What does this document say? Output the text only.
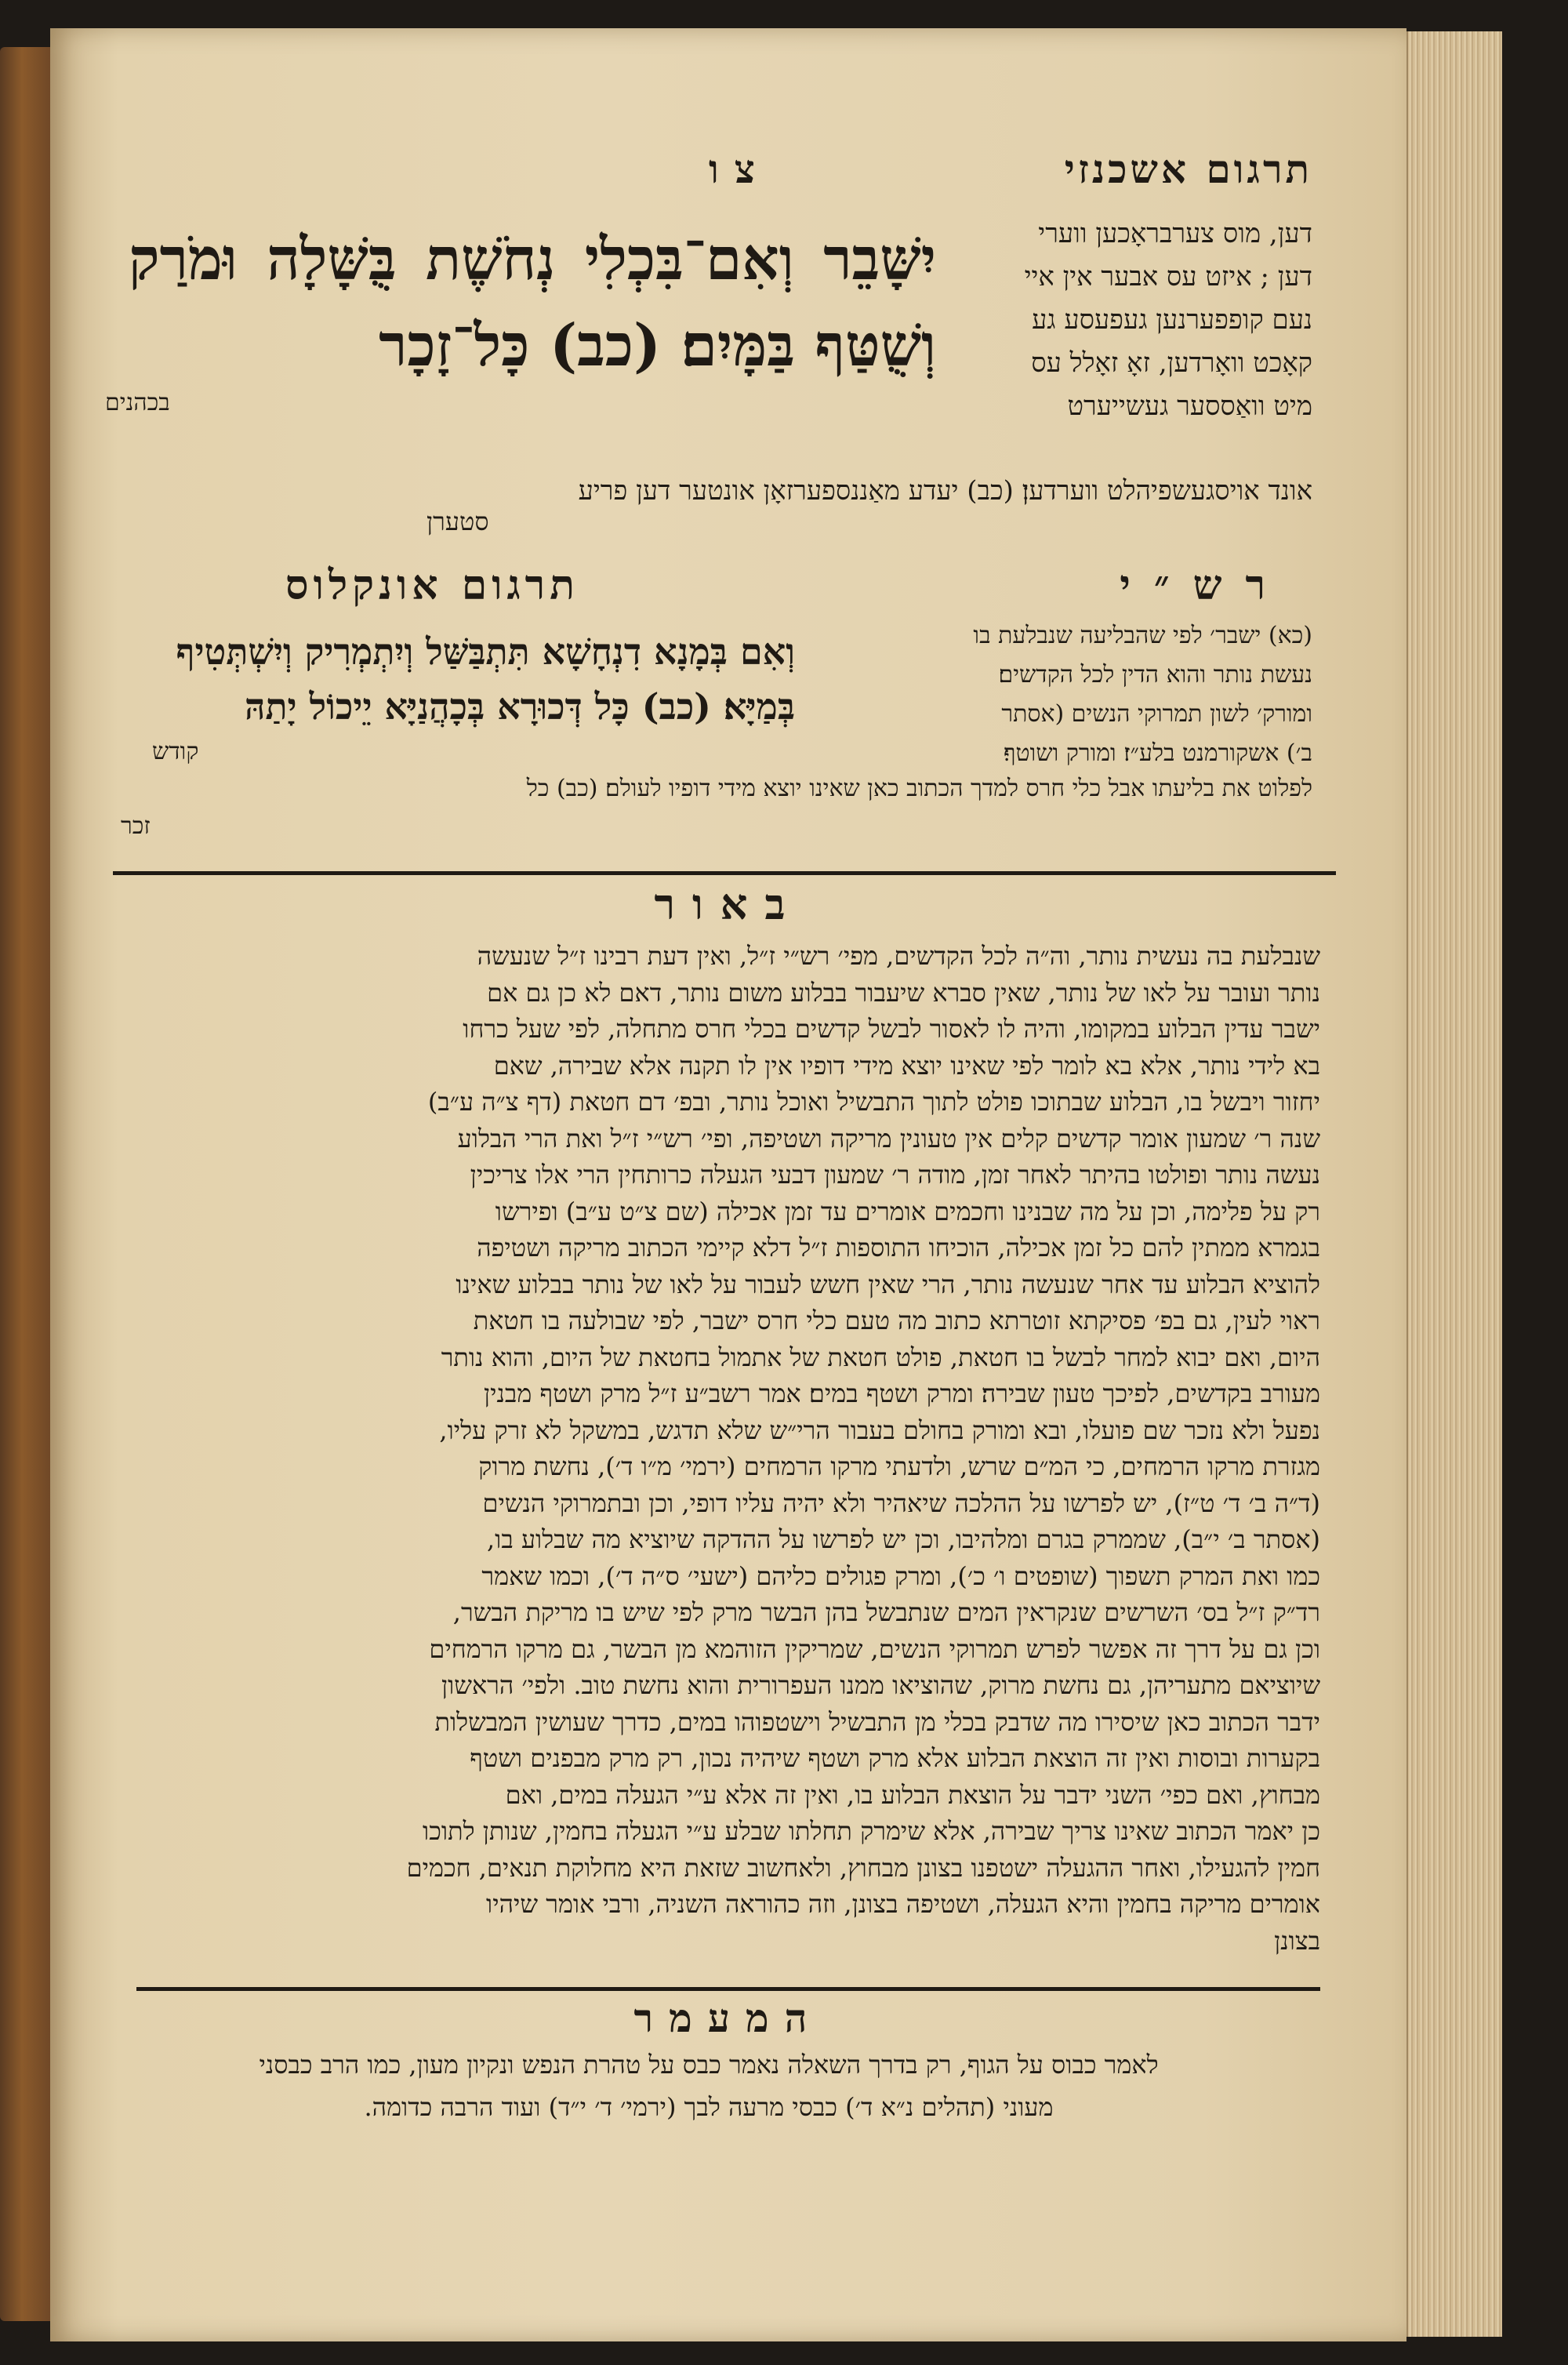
תרגום אשכנזי
צו
דען, מוס צערבראָכען ווערי
דען ; איזט עס אבער אין איי
נעם קופפערנען געפעסע גע
קאָכט וואָרדען, זאָ זאָלל עס
מיט וואַססער געשייערט
יִשָּׁבֵר וְאִם־בִּכְלִי נְחֹשֶׁת בֻּשָּׁלָה וּמֹרַק וְשֻׁטַּף בַּמָּיִם׃ (כב) כָּל־זָכָר
בכהנים
אונד אויסגעשפיהלט ווערדען׃ (כב) יעדע מאַננספערזאָן אונטער דען פריע
סטערן
רש״י
תרגום אונקלוס
(כא) ישבר׳ לפי שהבליעה שנבלעת בו
נעשת נותר והוא הדין לכל הקדשים׃
ומורק׳ לשון תמרוקי הנשים (אסתר
ב׳) אשקורמנט בלע״ז׃ ומורק ושוטף׃
וְאִם בְּמָנָא דִנְחָשָׁא תִּתְבַּשַּׁל וְיִתְמְרִיק וְיִשְׁתְּטִיף בְּמַיָּא׃ (כב) כָּל דְּכוּרָא בְּכָהֲנַיָּא יֵיכוֹל יָתַהּ
קודש
לפלוט את בליעתו אבל כלי חרס למדך הכתוב כאן שאינו יוצא מידי דופיו לעולם׃ (כב) כל
זכר
באור
שנבלעת בה נעשית נותר, וה״ה לכל הקדשים, מפי׳ רש״י ז״ל, ואין דעת רבינו ז״ל שנעשה
נותר ועובר על לאו של נותר, שאין סברא שיעבור בבלוע משום נותר, דאם לא כן גם אם
ישבר עדין הבלוע במקומו, והיה לו לאסור לבשל קדשים בכלי חרס מתחלה, לפי שעל כרחו
בא לידי נותר, אלא בא לומר לפי שאינו יוצא מידי דופיו אין לו תקנה אלא שבירה, שאם
יחזור ויבשל בו, הבלוע שבתוכו פולט לתוך התבשיל ואוכל נותר, ובפ׳ דם חטאת (דף צ״ה ע״ב)
שנה ר׳ שמעון אומר קדשים קלים אין טעונין מריקה ושטיפה, ופי׳ רש״י ז״ל ואת הרי הבלוע
נעשה נותר ופולטו בהיתר לאחר זמן, מודה ר׳ שמעון דבעי הגעלה כרותחין הרי אלו צריכין
רק על פלימה, וכן על מה שבנינו וחכמים אומרים עד זמן אכילה (שם צ״ט ע״ב) ופירשו
בגמרא ממתין להם כל זמן אכילה, הוכיחו התוספות ז״ל דלא קיימי הכתוב מריקה ושטיפה
להוציא הבלוע עד אחר שנעשה נותר, הרי שאין חשש לעבור על לאו של נותר בבלוע שאינו
ראוי לעין, גם בפ׳ פסיקתא זוטרתא כתוב מה טעם כלי חרס ישבר, לפי שבולעה בו חטאת
היום, ואם יבוא למחר לבשל בו חטאת, פולט חטאת של אתמול בחטאת של היום, והוא נותר
מעורב בקדשים, לפיכך טעון שבירה׃ ומרק ושטף במים׃ אמר רשב״ע ז״ל מרק ושטף מבנין
נפעל ולא נזכר שם פועלו, ובא ומורק בחולם בעבור הרי״ש שלא תדגש, במשקל לא זרק עליו,
מגזרת מרקו הרמחים, כי המ״ם שרש, ולדעתי מרקו הרמחים (ירמי׳ מ״ו ד׳), נחשת מרוק
(ד״ה ב׳ ד׳ ט״ז), יש לפרשו על ההלכה שיאהיר ולא יהיה עליו דופי, וכן ובתמרוקי הנשים
(אסתר ב׳ י״ב), שממרק בגרם ומלהיבו, וכן יש לפרשו על ההדקה שיוציא מה שבלוע בו,
כמו ואת המרק תשפוך (שופטים ו׳ כ׳), ומרק פגולים כליהם (ישעי׳ ס״ה ד׳), וכמו שאמר
רד״ק ז״ל בס׳ השרשים שנקראין המים שנתבשל בהן הבשר מרק לפי שיש בו מריקת הבשר,
וכן גם על דרך זה אפשר לפרש תמרוקי הנשים, שמריקין הזוהמא מן הבשר, גם מרקו הרמחים
שיוציאם מתעריהן, גם נחשת מרוק, שהוציאו ממנו העפרורית והוא נחשת טוב. ולפי׳ הראשון
ידבר הכתוב כאן שיסירו מה שדבק בכלי מן התבשיל וישטפוהו במים, כדרך שעושין המבשלות
בקערות ובוסות ואין זה הוצאת הבלוע אלא מרק ושטף שיהיה נכון, רק מרק מבפנים ושטף
מבחוץ, ואם כפי׳ השני ידבר על הוצאת הבלוע בו, ואין זה אלא ע״י הגעלה במים, ואם
כן יאמר הכתוב שאינו צריך שבירה, אלא שימרק תחלתו שבלע ע״י הגעלה בחמין, שנותן לתוכו
חמין להגעילו, ואחר ההגעלה ישטפנו בצונן מבחוץ, ולאחשוב שזאת היא מחלוקת תנאים, חכמים
אומרים מריקה בחמין והיא הגעלה, ושטיפה בצונן, וזה כהוראה השניה, ורבי אומר שיהיו
בצונן
המעמר
לאמר כבוס על הגוף, רק בדרך השאלה נאמר כבס על טהרת הנפש ונקיון מעון, כמו הרב כבסני
מעוני (תהלים נ״א ד׳) כבסי מרעה לבך (ירמי׳ ד׳ י״ד) ועוד הרבה כדומה.
